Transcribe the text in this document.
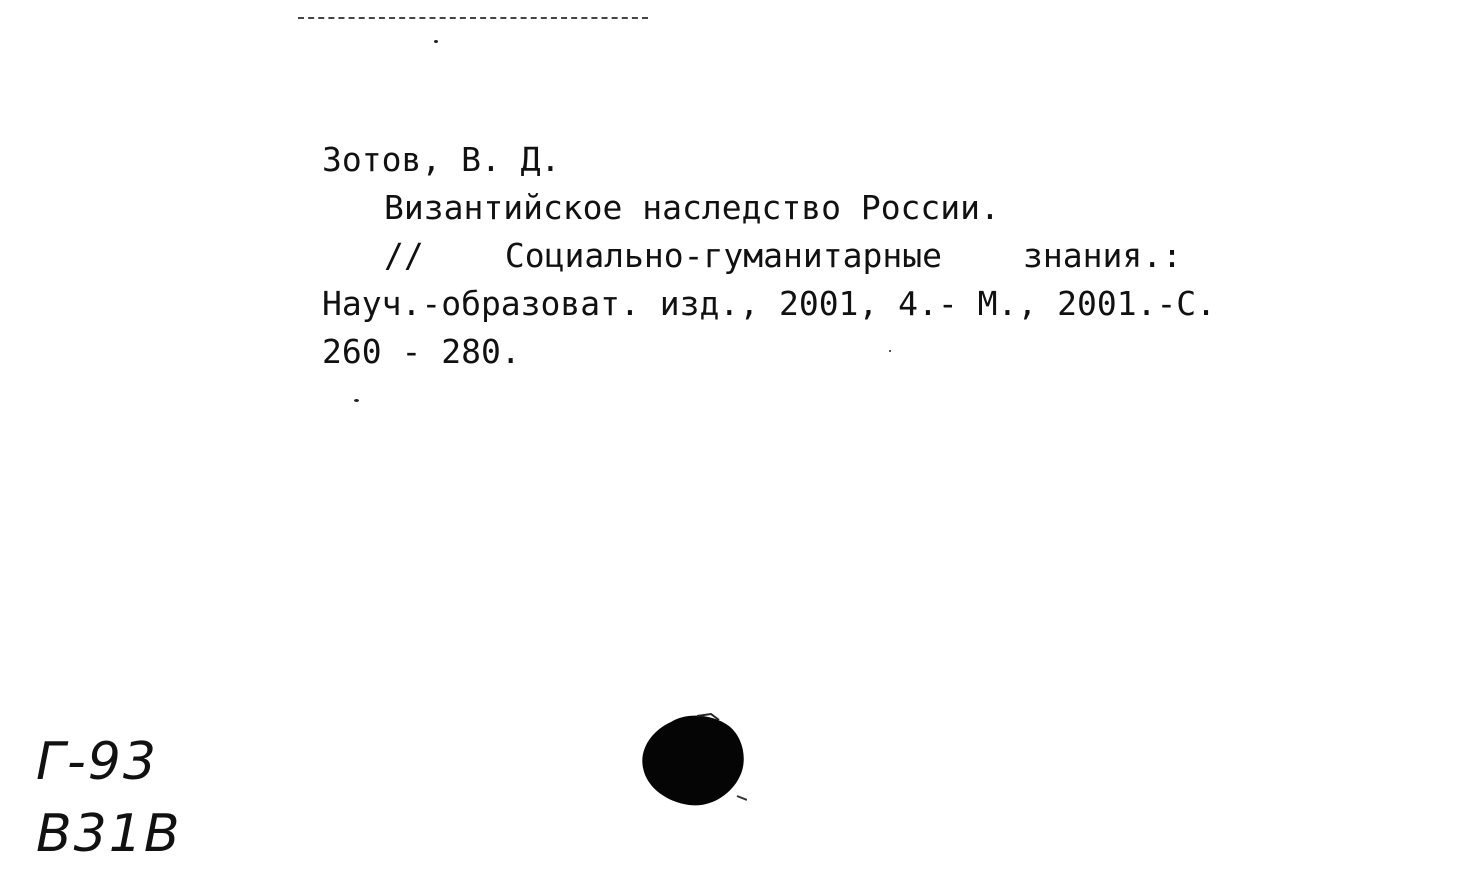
Зотов, В. Д.
Византийское наследство России.
// Социально-гуманитарные знания.:
Науч.-образоват. изд., 2001, 4.- М., 2001.-С.
260 - 280.
Г-93
В31В
